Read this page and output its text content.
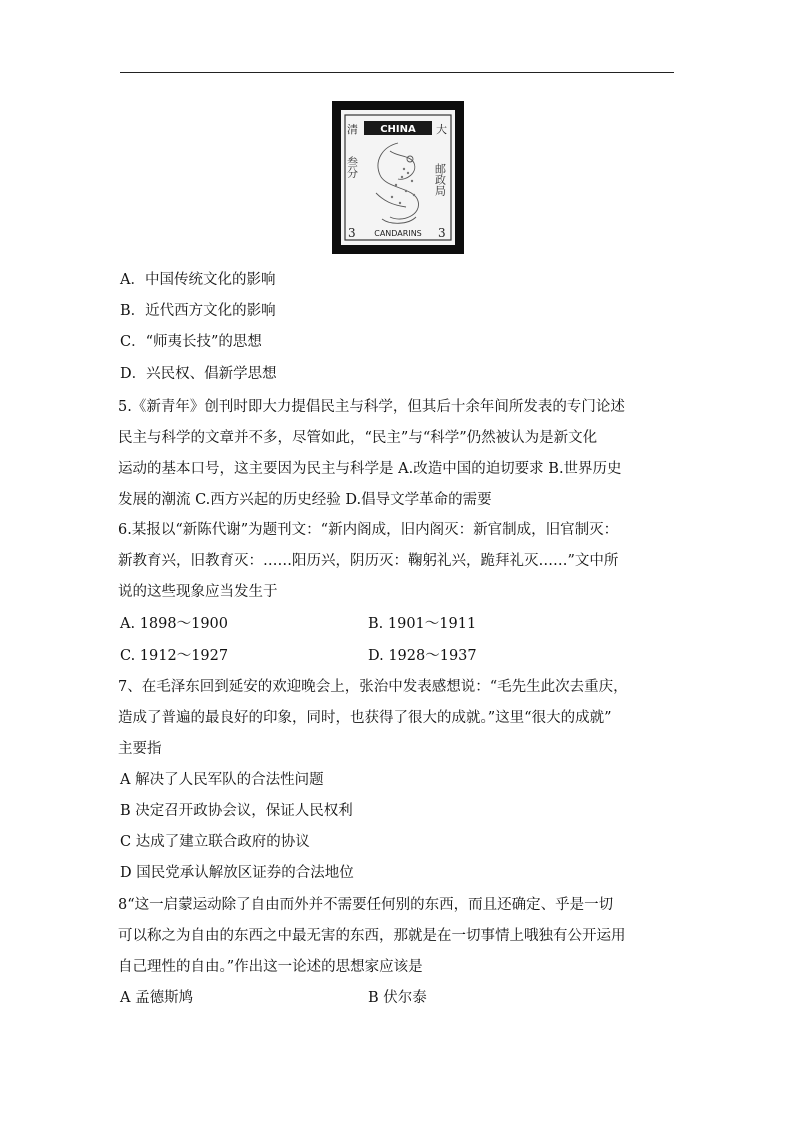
CHINA
清	大
叁分	邮政局
3 CANDARINS 3
A．中国传统文化的影响
B．近代西方文化的影响
C．“师夷长技”的思想
D．兴民权、倡新学思想
5.《新青年》创刊时即大力提倡民主与科学，但其后十余年间所发表的专门论述
民主与科学的文章并不多，尽管如此，“民主”与“科学”仍然被认为是新文化
运动的基本口号，这主要因为民主与科学是 A.改造中国的迫切要求 B.世界历史
发展的潮流 C.西方兴起的历史经验 D.倡导文学革命的需要
6.某报以“新陈代谢”为题刊文：“新内阁成，旧内阁灭：新官制成，旧官制灭：
新教育兴，旧教育灭：……阳历兴，阴历灭：鞠躬礼兴，跪拜礼灭……”文中所
说的这些现象应当发生于
A. 1898～1900	B. 1901～1911
C. 1912～1927	D. 1928～1937
7、在毛泽东回到延安的欢迎晚会上，张治中发表感想说：“毛先生此次去重庆，
造成了普遍的最良好的印象，同时，也获得了很大的成就。”这里“很大的成就”
主要指
A 解决了人民军队的合法性问题
B 决定召开政协会议，保证人民权利
C 达成了建立联合政府的协议
D 国民党承认解放区证券的合法地位
8“这一启蒙运动除了自由而外并不需要任何别的东西，而且还确定、乎是一切
可以称之为自由的东西之中最无害的东西，那就是在一切事情上哦独有公开运用
自己理性的自由。”作出这一论述的思想家应该是
A 孟德斯鸠	B 伏尔泰
